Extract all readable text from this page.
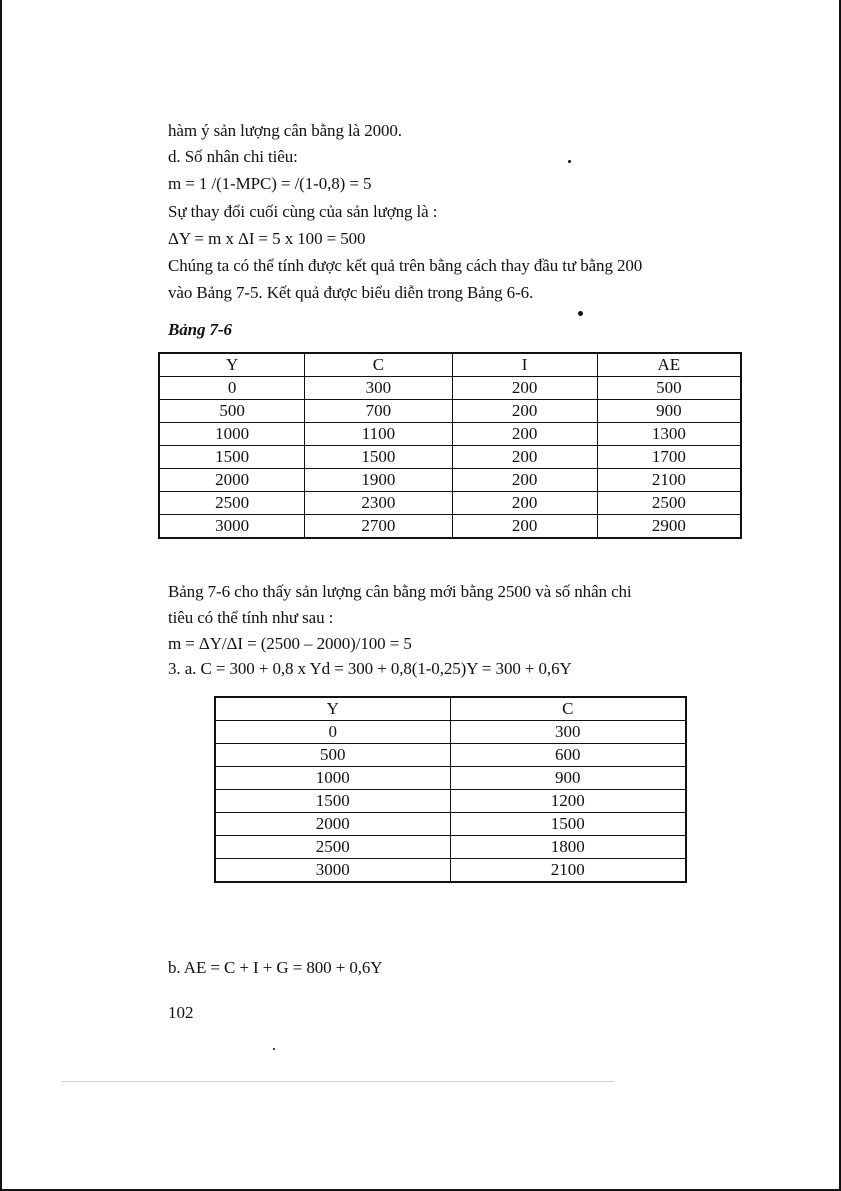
hàm ý sản lượng cân bằng là 2000.
d. Số nhân chi tiêu:
m = 1 /(1-MPC) = /(1-0,8) = 5
Sự thay đổi cuối cùng của sản lượng là :
ΔY = m x ΔI = 5 x 100 = 500
Chúng ta có thể tính được kết quả trên bằng cách thay đầu tư bằng 200
vào Bảng 7-5. Kết quả được biểu diễn trong Bảng 6-6.
Bảng 7-6
Y	C	I	AE
0	300	200	500
500	700	200	900
1000	1100	200	1300
1500	1500	200	1700
2000	1900	200	2100
2500	2300	200	2500
3000	2700	200	2900
Bảng 7-6 cho thấy sản lượng cân bằng mới bằng 2500 và số nhân chi
tiêu có thể tính như sau :
m = ΔY/ΔI = (2500 – 2000)/100 = 5
3. a. C = 300 + 0,8 x Yd = 300 + 0,8(1-0,25)Y = 300 + 0,6Y
Y	C
0	300
500	600
1000	900
1500	1200
2000	1500
2500	1800
3000	2100
b. AE = C + I + G = 800 + 0,6Y
102
